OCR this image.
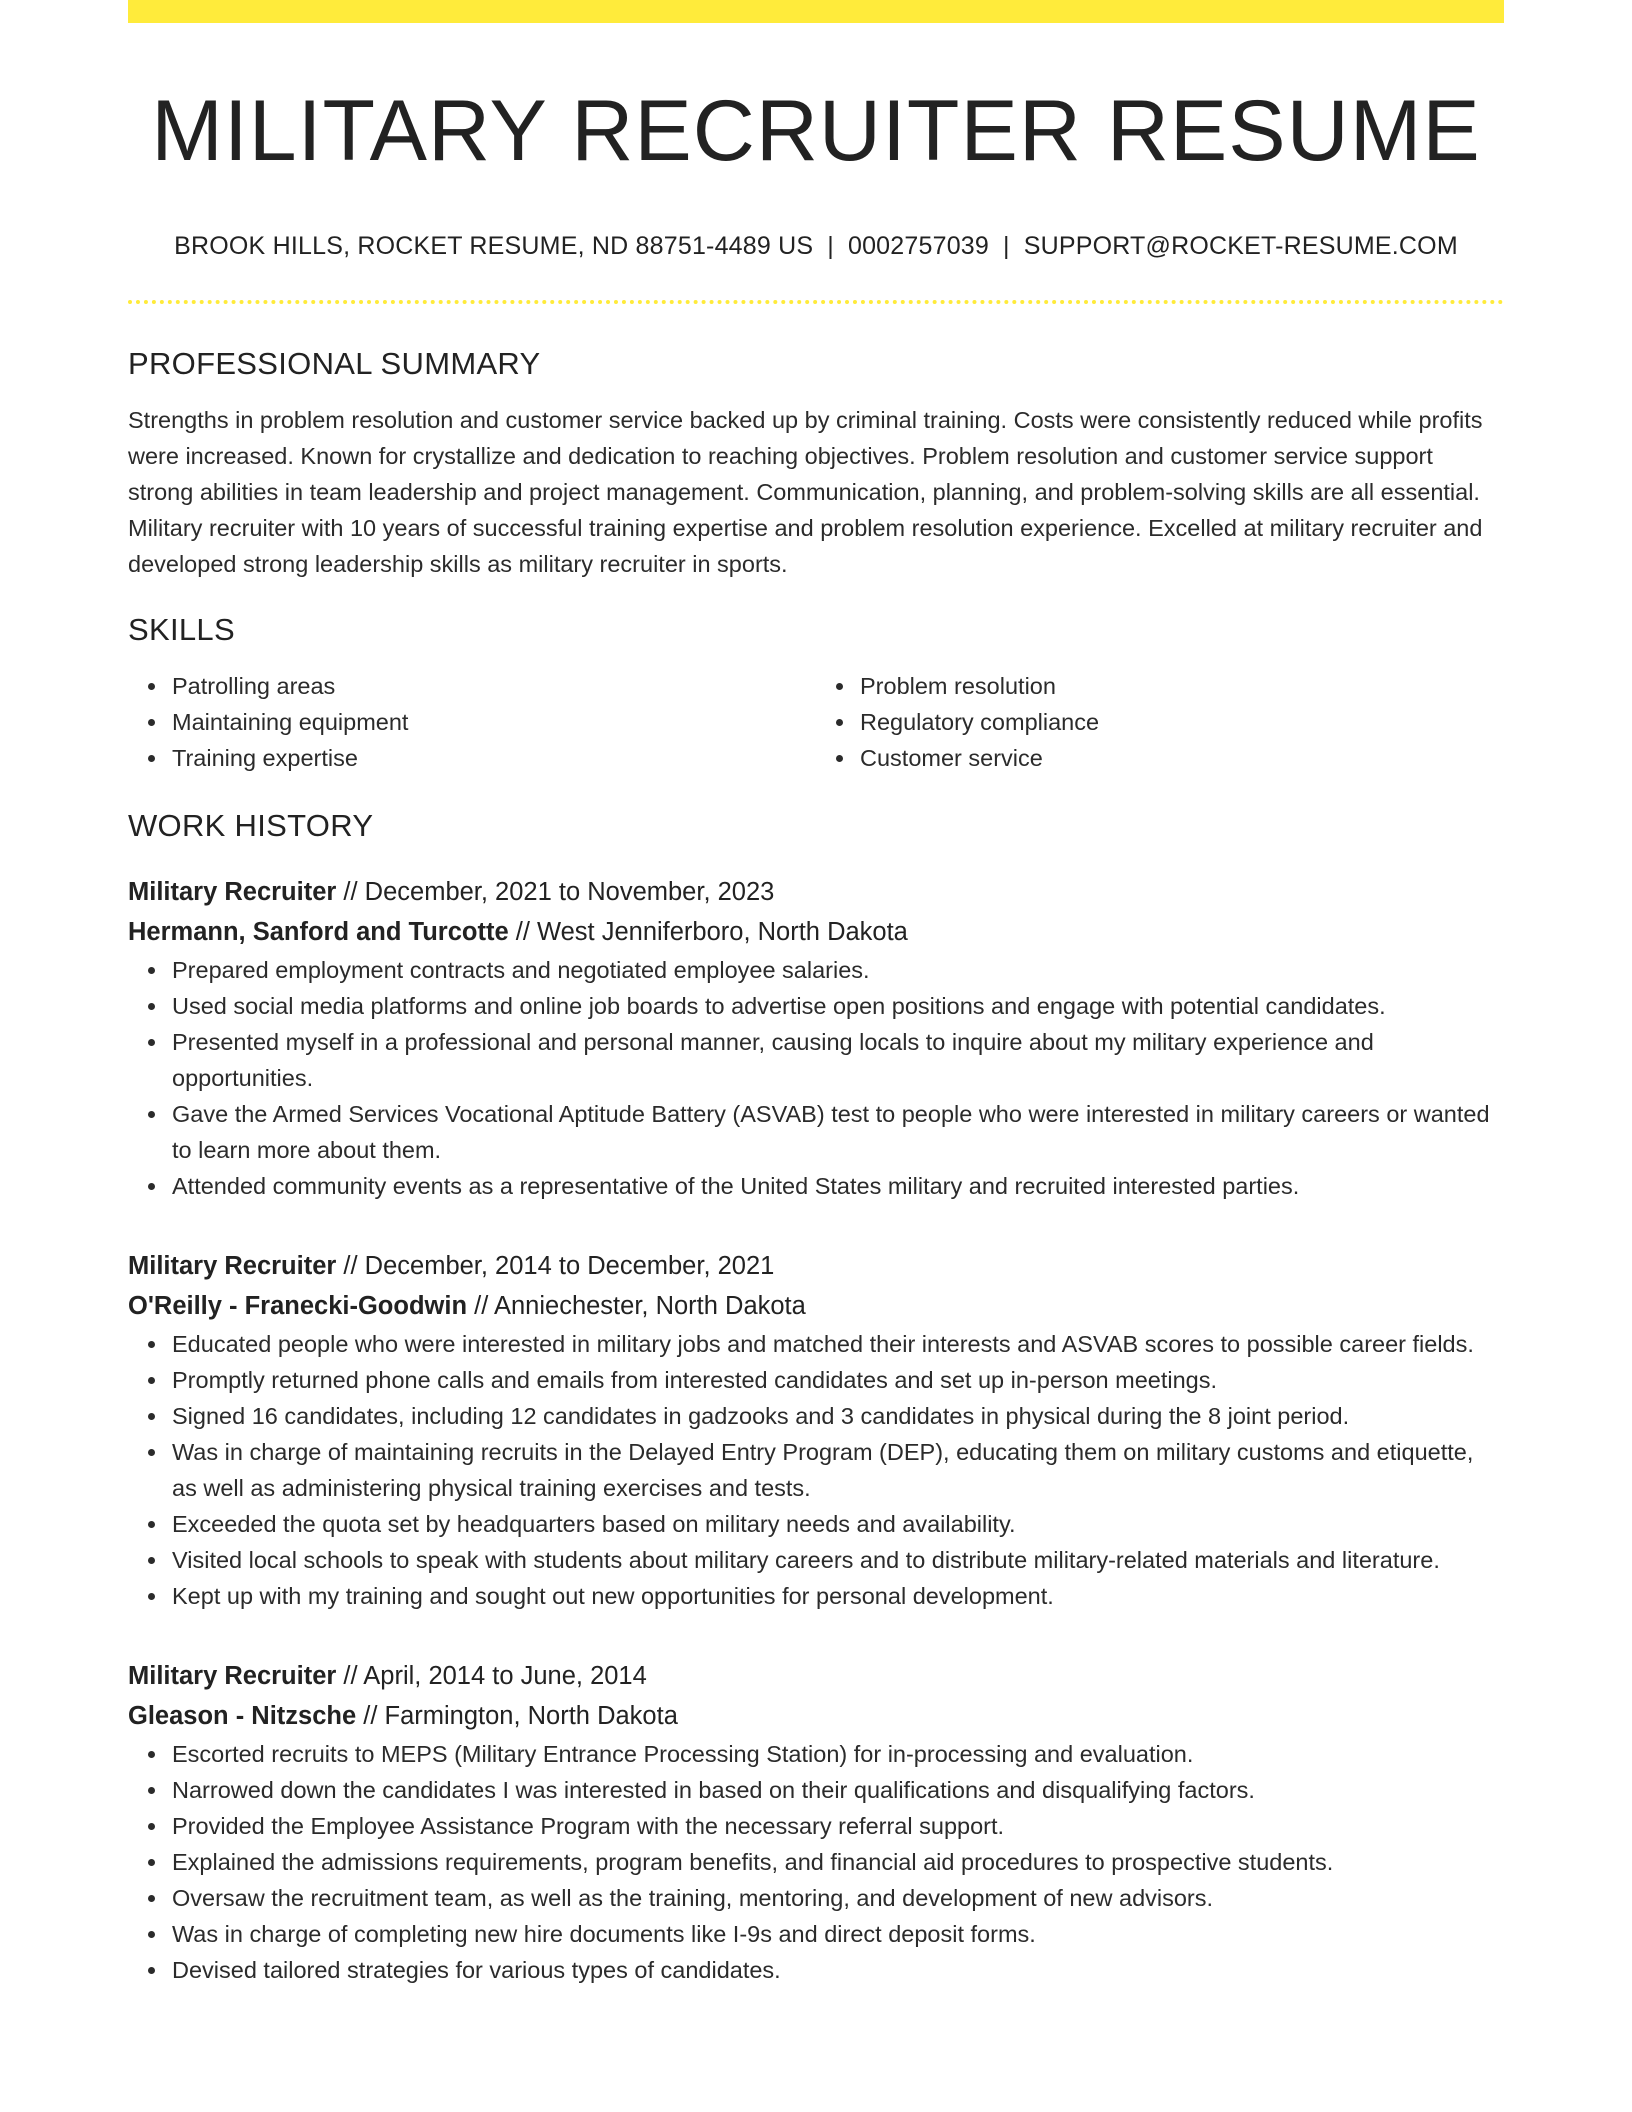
MILITARY RECRUITER RESUME
BROOK HILLS, ROCKET RESUME, ND 88751-4489 US | 0002757039 | SUPPORT@ROCKET-RESUME.COM
PROFESSIONAL SUMMARY
Strengths in problem resolution and customer service backed up by criminal training. Costs were consistently reduced while profits were increased. Known for crystallize and dedication to reaching objectives. Problem resolution and customer service support strong abilities in team leadership and project management. Communication, planning, and problem-solving skills are all essential. Military recruiter with 10 years of successful training expertise and problem resolution experience. Excelled at military recruiter and developed strong leadership skills as military recruiter in sports.
SKILLS
Patrolling areas
Maintaining equipment
Training expertise
Problem resolution
Regulatory compliance
Customer service
WORK HISTORY
Military Recruiter // December, 2021 to November, 2023
Hermann, Sanford and Turcotte // West Jenniferboro, North Dakota
Prepared employment contracts and negotiated employee salaries.
Used social media platforms and online job boards to advertise open positions and engage with potential candidates.
Presented myself in a professional and personal manner, causing locals to inquire about my military experience and opportunities.
Gave the Armed Services Vocational Aptitude Battery (ASVAB) test to people who were interested in military careers or wanted to learn more about them.
Attended community events as a representative of the United States military and recruited interested parties.
Military Recruiter // December, 2014 to December, 2021
O'Reilly - Franecki-Goodwin // Anniechester, North Dakota
Educated people who were interested in military jobs and matched their interests and ASVAB scores to possible career fields.
Promptly returned phone calls and emails from interested candidates and set up in-person meetings.
Signed 16 candidates, including 12 candidates in gadzooks and 3 candidates in physical during the 8 joint period.
Was in charge of maintaining recruits in the Delayed Entry Program (DEP), educating them on military customs and etiquette, as well as administering physical training exercises and tests.
Exceeded the quota set by headquarters based on military needs and availability.
Visited local schools to speak with students about military careers and to distribute military-related materials and literature.
Kept up with my training and sought out new opportunities for personal development.
Military Recruiter // April, 2014 to June, 2014
Gleason - Nitzsche // Farmington, North Dakota
Escorted recruits to MEPS (Military Entrance Processing Station) for in-processing and evaluation.
Narrowed down the candidates I was interested in based on their qualifications and disqualifying factors.
Provided the Employee Assistance Program with the necessary referral support.
Explained the admissions requirements, program benefits, and financial aid procedures to prospective students.
Oversaw the recruitment team, as well as the training, mentoring, and development of new advisors.
Was in charge of completing new hire documents like I-9s and direct deposit forms.
Devised tailored strategies for various types of candidates.
